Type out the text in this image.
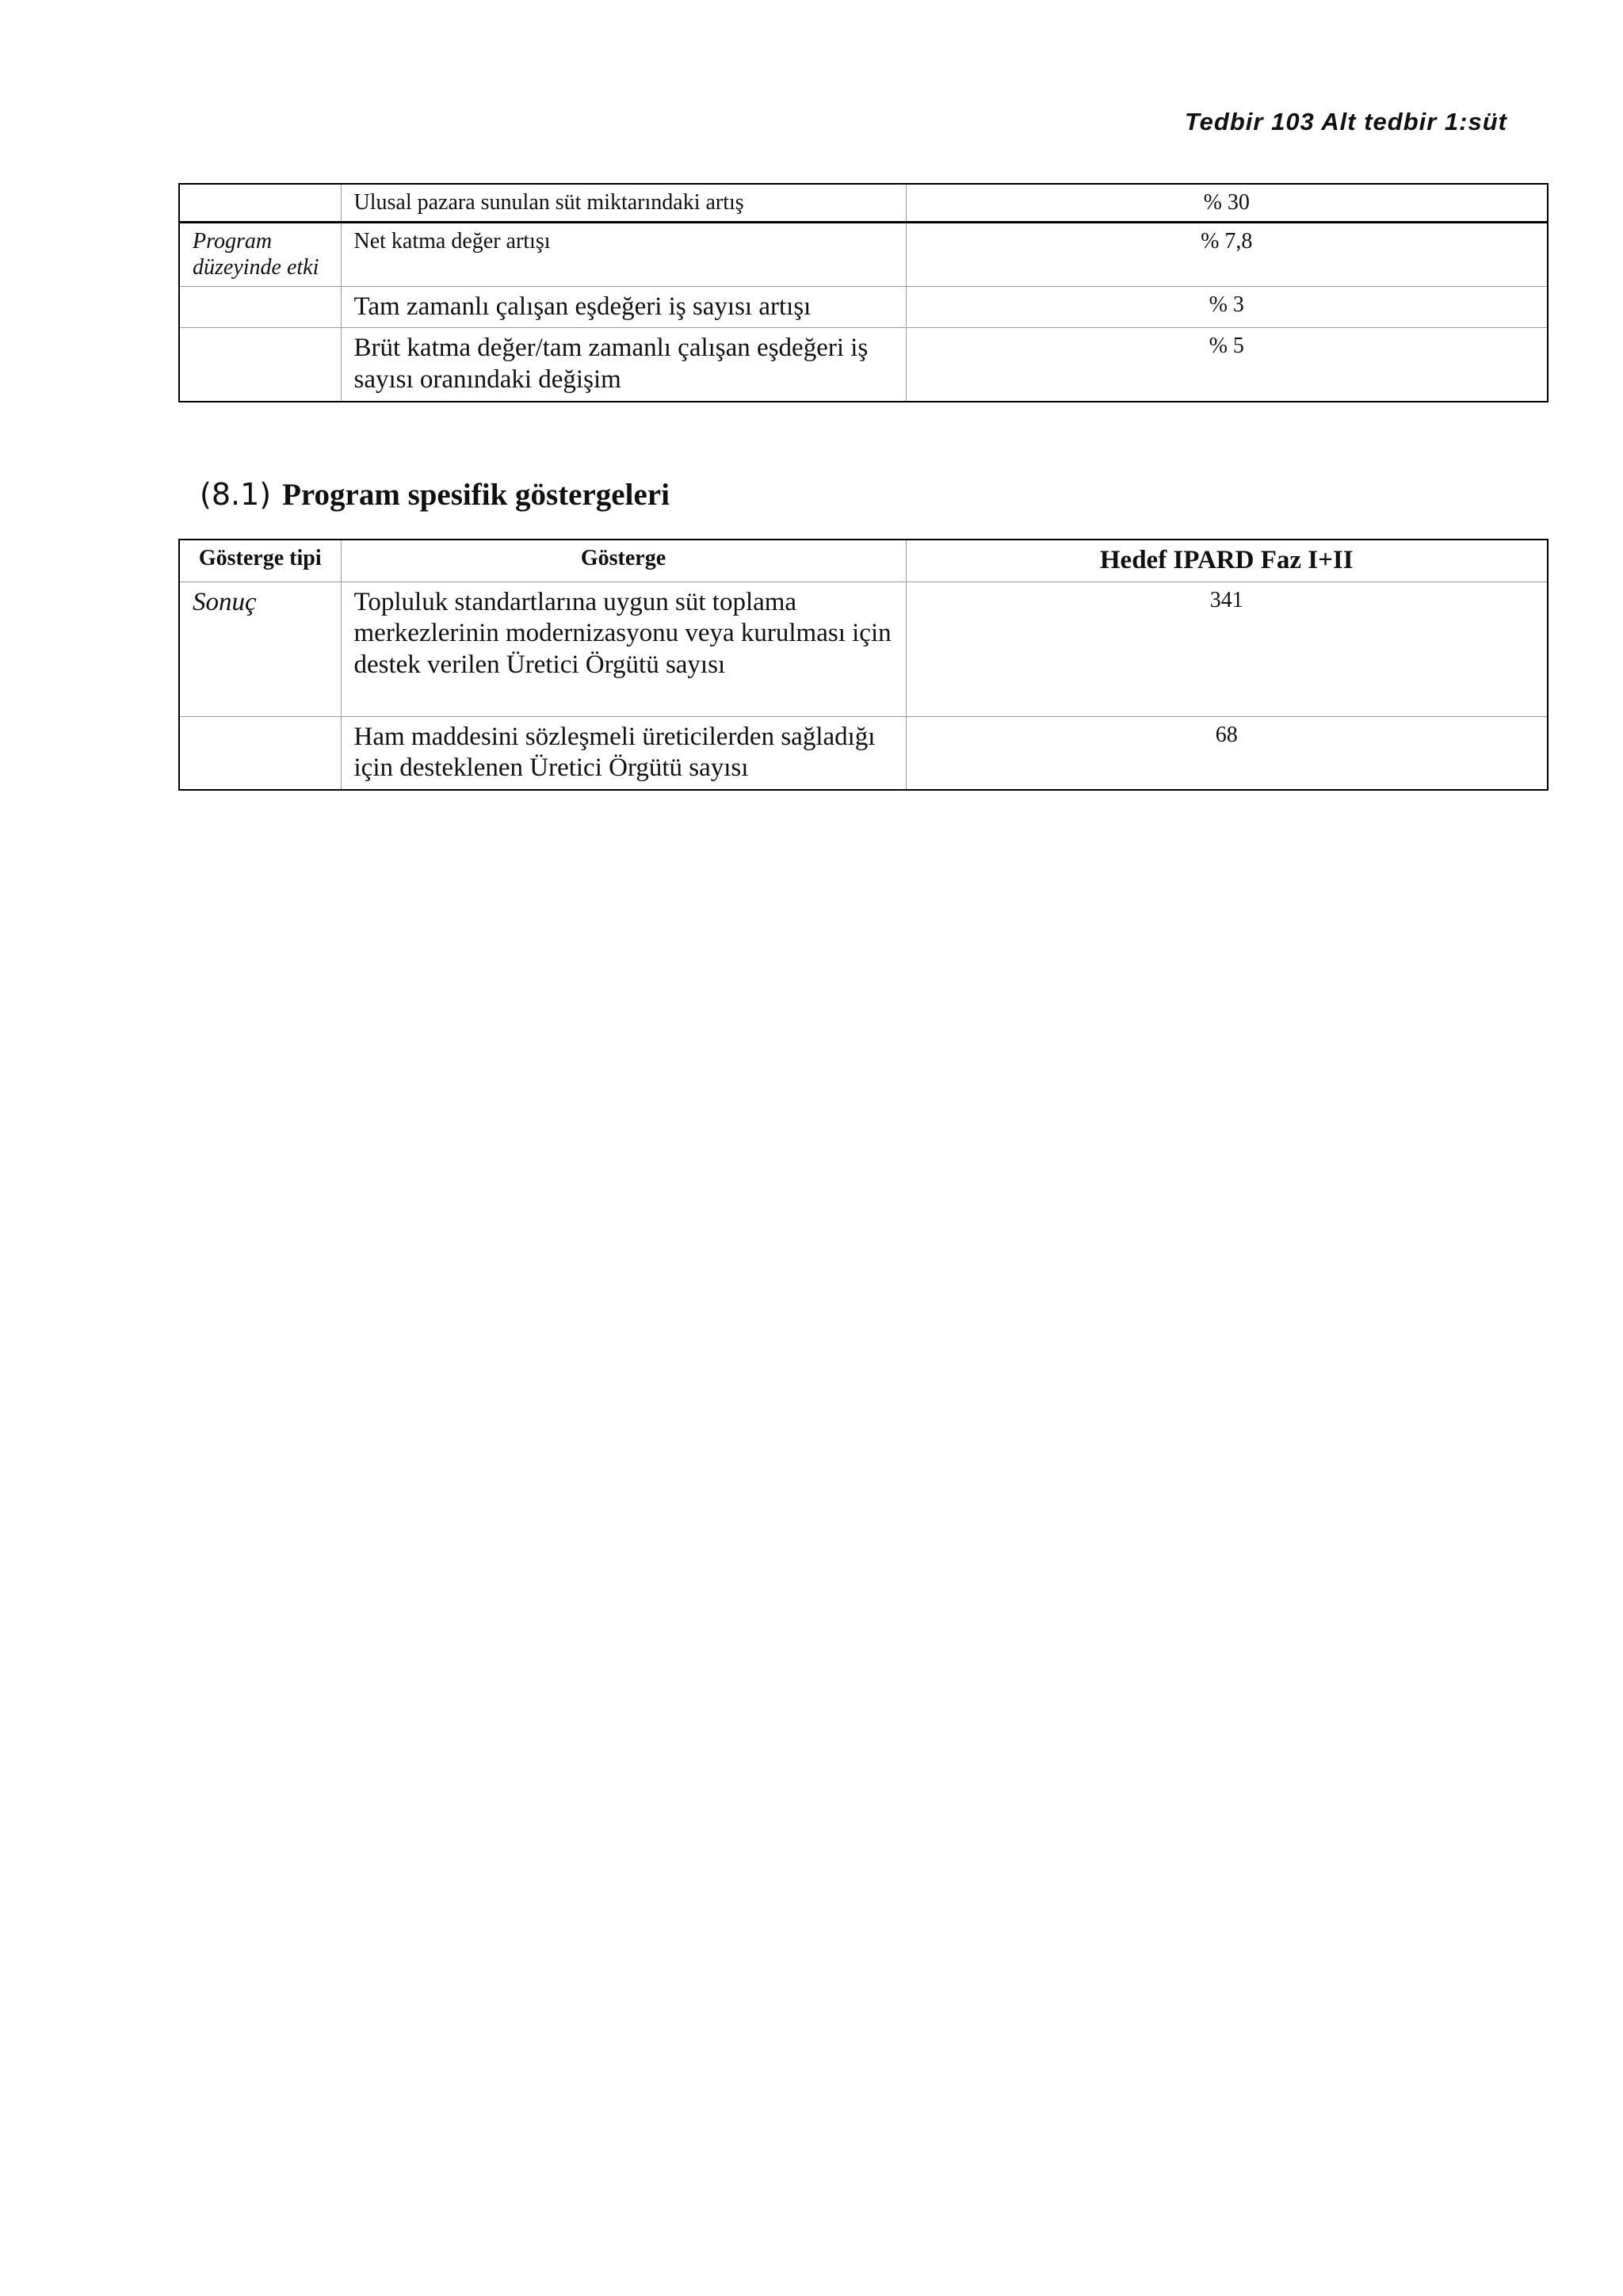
Tedbir 103 Alt tedbir 1:süt
	Ulusal pazara sunulan süt miktarındaki artış	% 30
Program düzeyinde etki	Net katma değer artışı	% 7,8
	Tam zamanlı çalışan eşdeğeri iş sayısı artışı	% 3
	Brüt katma değer/tam zamanlı çalışan eşdeğeri iş sayısı oranındaki değişim	% 5
(8.1) Program spesifik göstergeleri
Gösterge tipi	Gösterge	Hedef IPARD Faz I+II
Sonuç	Topluluk standartlarına uygun süt toplama merkezlerinin modernizasyonu veya kurulması için destek verilen Üretici Örgütü sayısı	341
	Ham maddesini sözleşmeli üreticilerden sağladığı için desteklenen Üretici Örgütü sayısı	68
